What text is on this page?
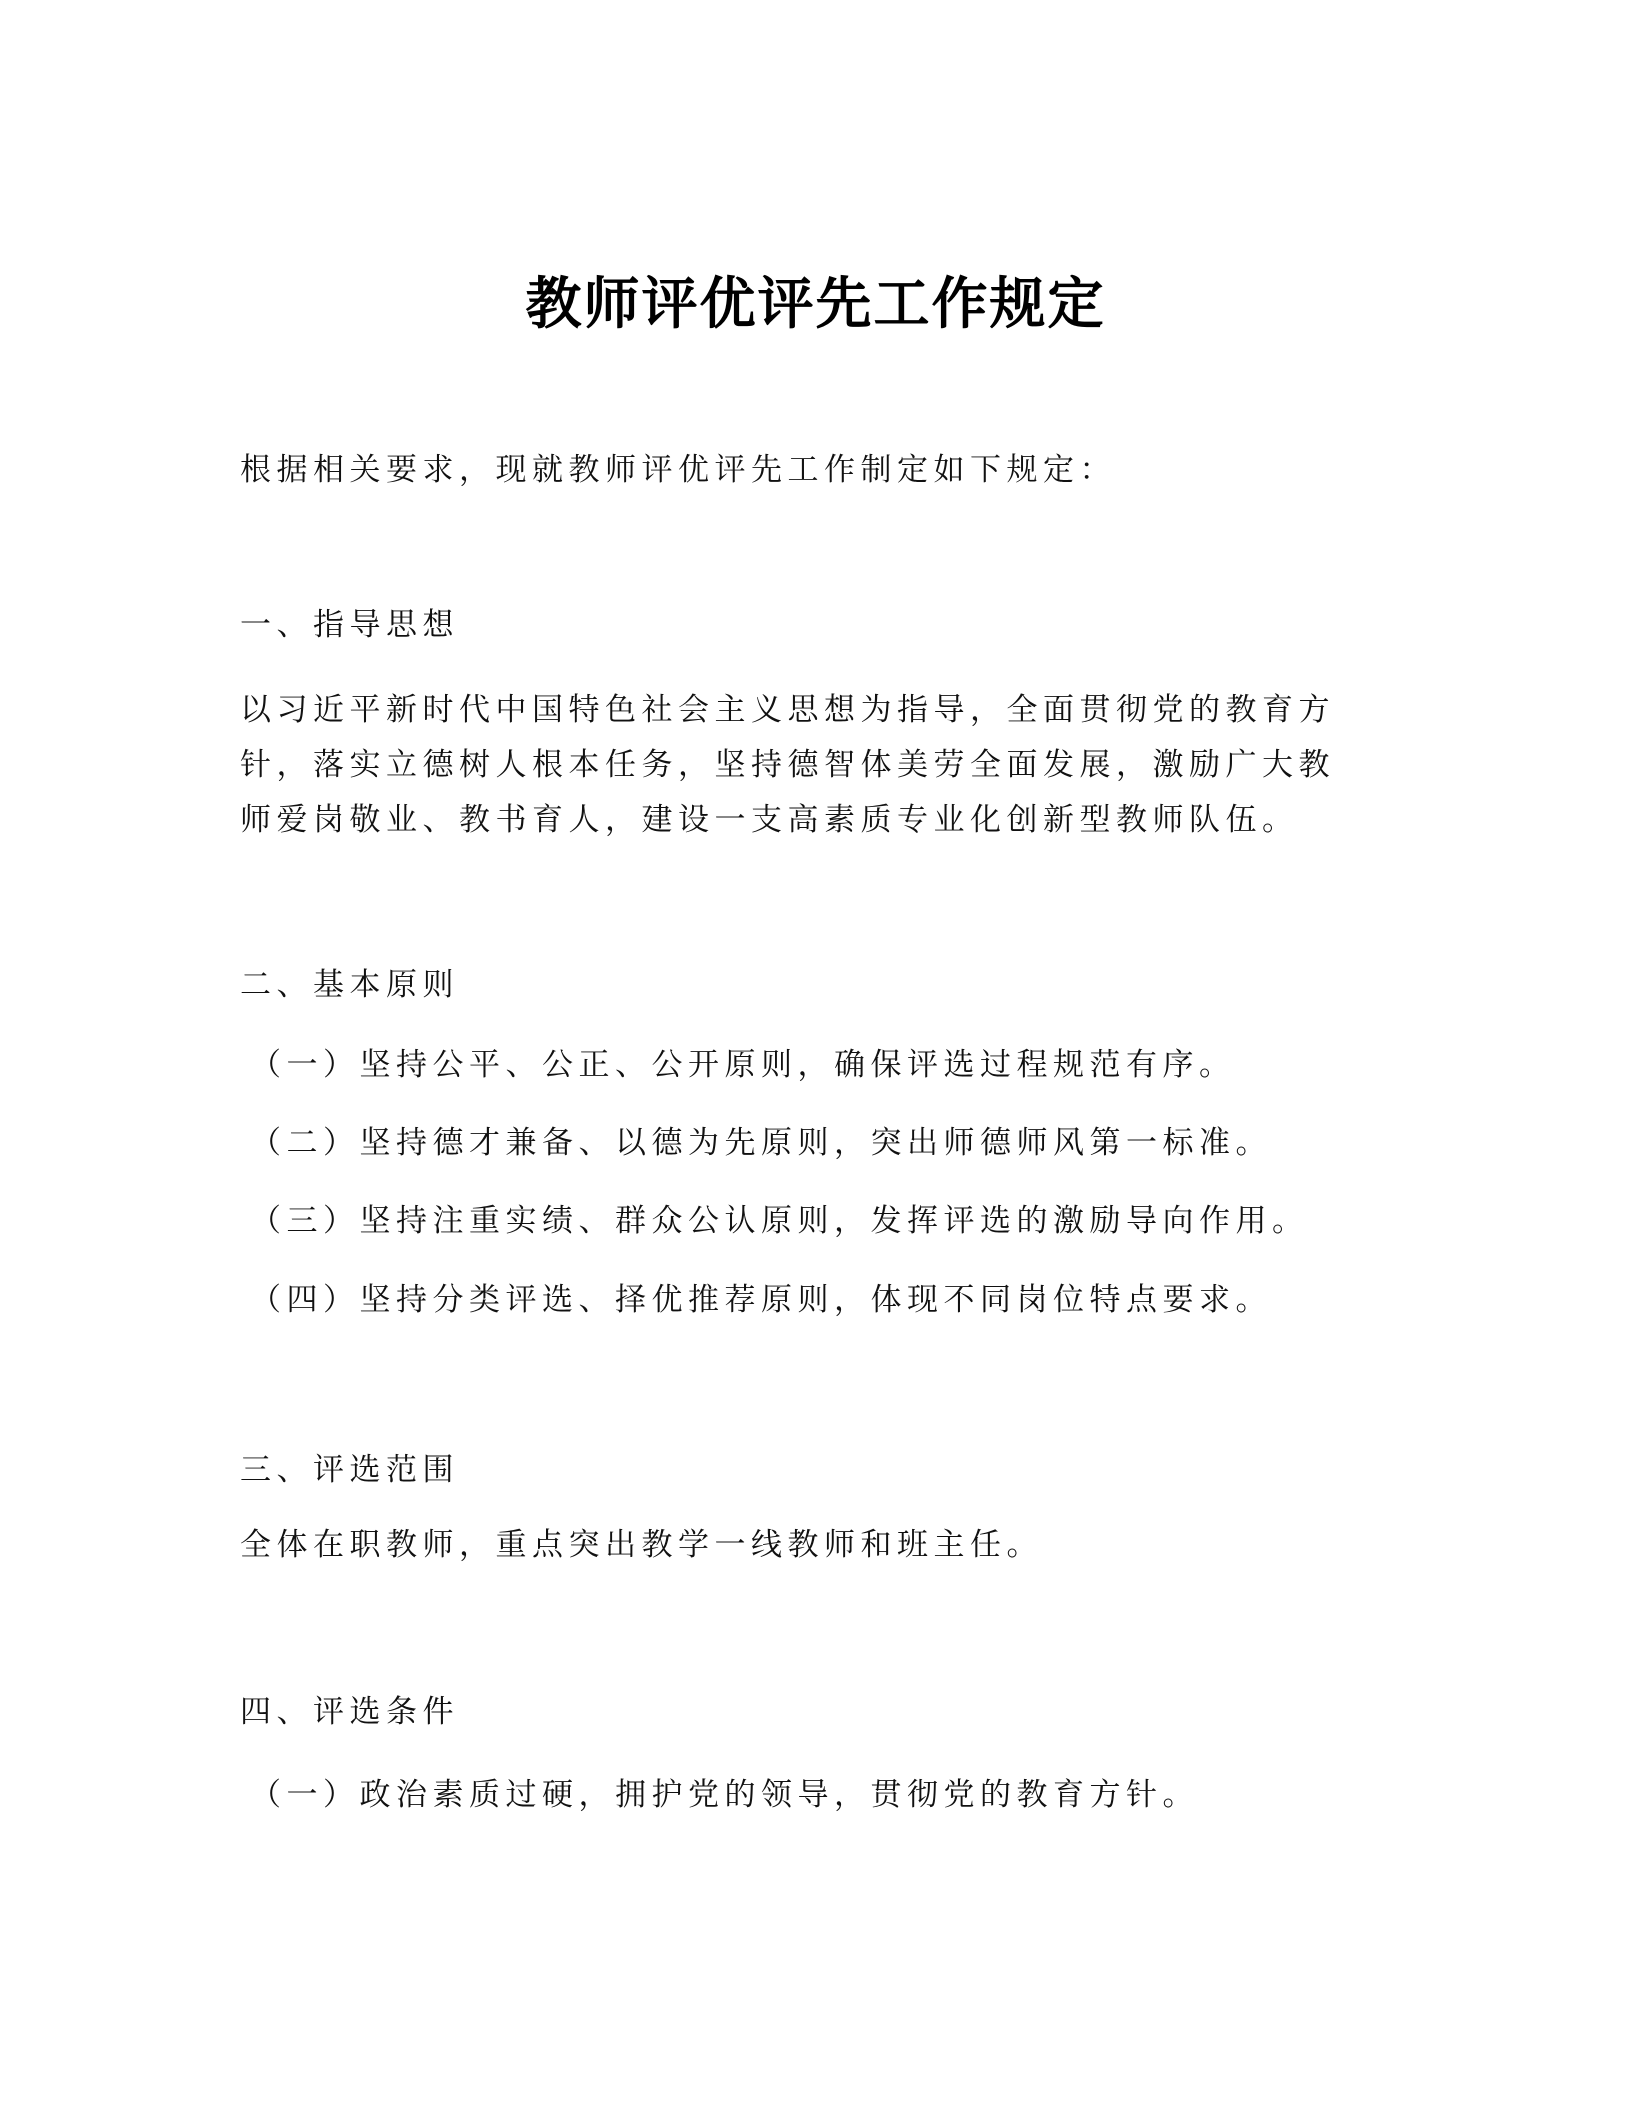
教师评优评先工作规定
根据相关要求，现就教师评优评先工作制定如下规定：
一、指导思想
以习近平新时代中国特色社会主义思想为指导，全面贯彻党的教育方
针，落实立德树人根本任务，坚持德智体美劳全面发展，激励广大教
师爱岗敬业、教书育人，建设一支高素质专业化创新型教师队伍。
二、基本原则
（一）坚持公平、公正、公开原则，确保评选过程规范有序。
（二）坚持德才兼备、以德为先原则，突出师德师风第一标准。
（三）坚持注重实绩、群众公认原则，发挥评选的激励导向作用。
（四）坚持分类评选、择优推荐原则，体现不同岗位特点要求。
三、评选范围
全体在职教师，重点突出教学一线教师和班主任。
四、评选条件
（一）政治素质过硬，拥护党的领导，贯彻党的教育方针。
